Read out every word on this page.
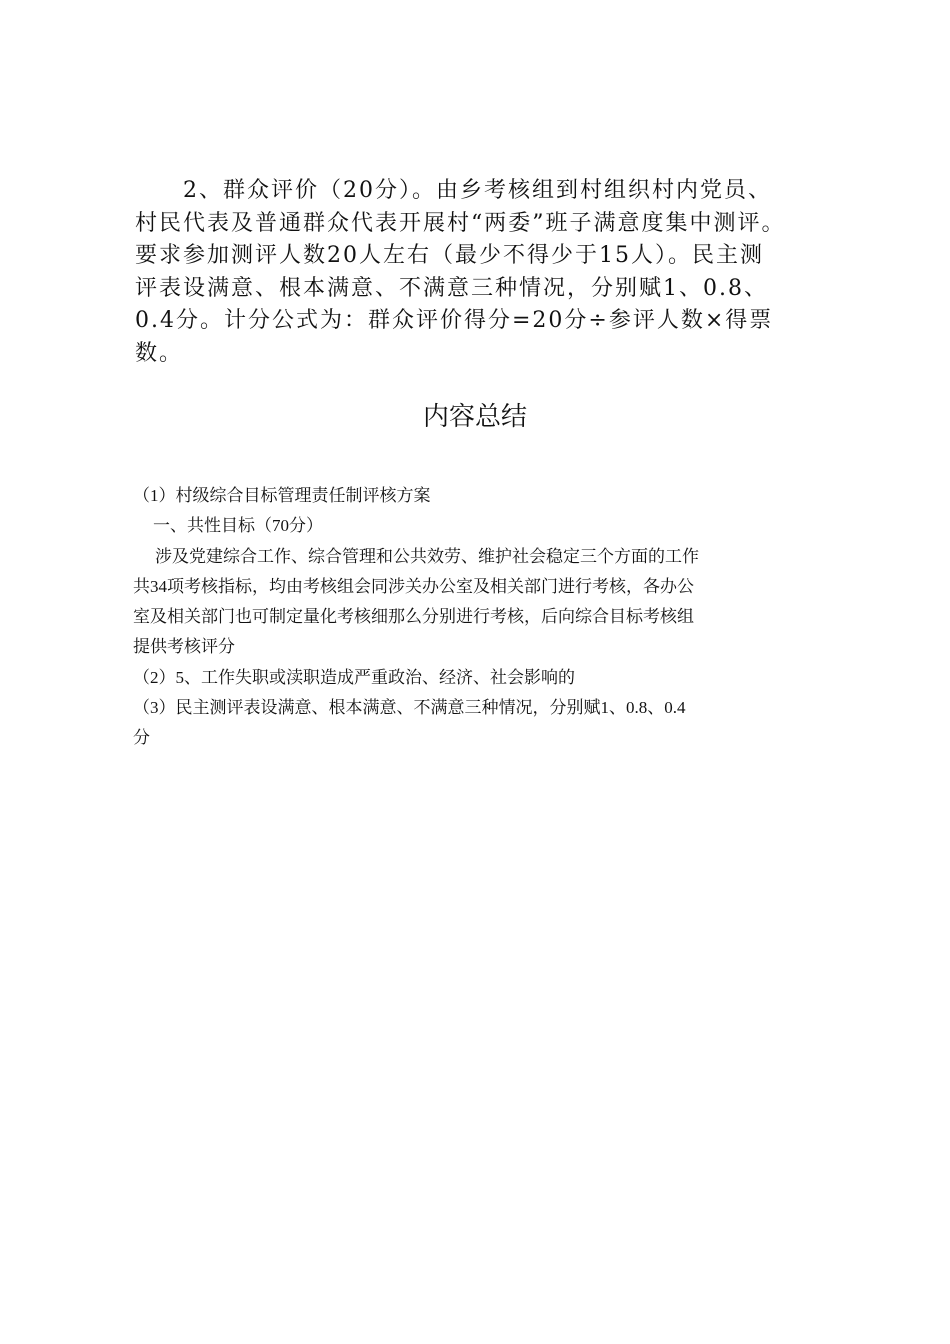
2、群众评价（20分）。由乡考核组到村组织村内党员、
村民代表及普通群众代表开展村“两委”班子满意度集中测评。
要求参加测评人数20人左右（最少不得少于15人）。民主测
评表设满意、根本满意、不满意三种情况，分别赋1、0.8、
0.4分。计分公式为：群众评价得分=20分÷参评人数×得票
数。
内容总结
（1）村级综合目标管理责任制评核方案
一、共性目标（70分）
涉及党建综合工作、综合管理和公共效劳、维护社会稳定三个方面的工作
共34项考核指标，均由考核组会同涉关办公室及相关部门进行考核，各办公
室及相关部门也可制定量化考核细那么分别进行考核，后向综合目标考核组
提供考核评分
（2）5、工作失职或渎职造成严重政治、经济、社会影响的
（3）民主测评表设满意、根本满意、不满意三种情况，分别赋1、0.8、0.4
分
